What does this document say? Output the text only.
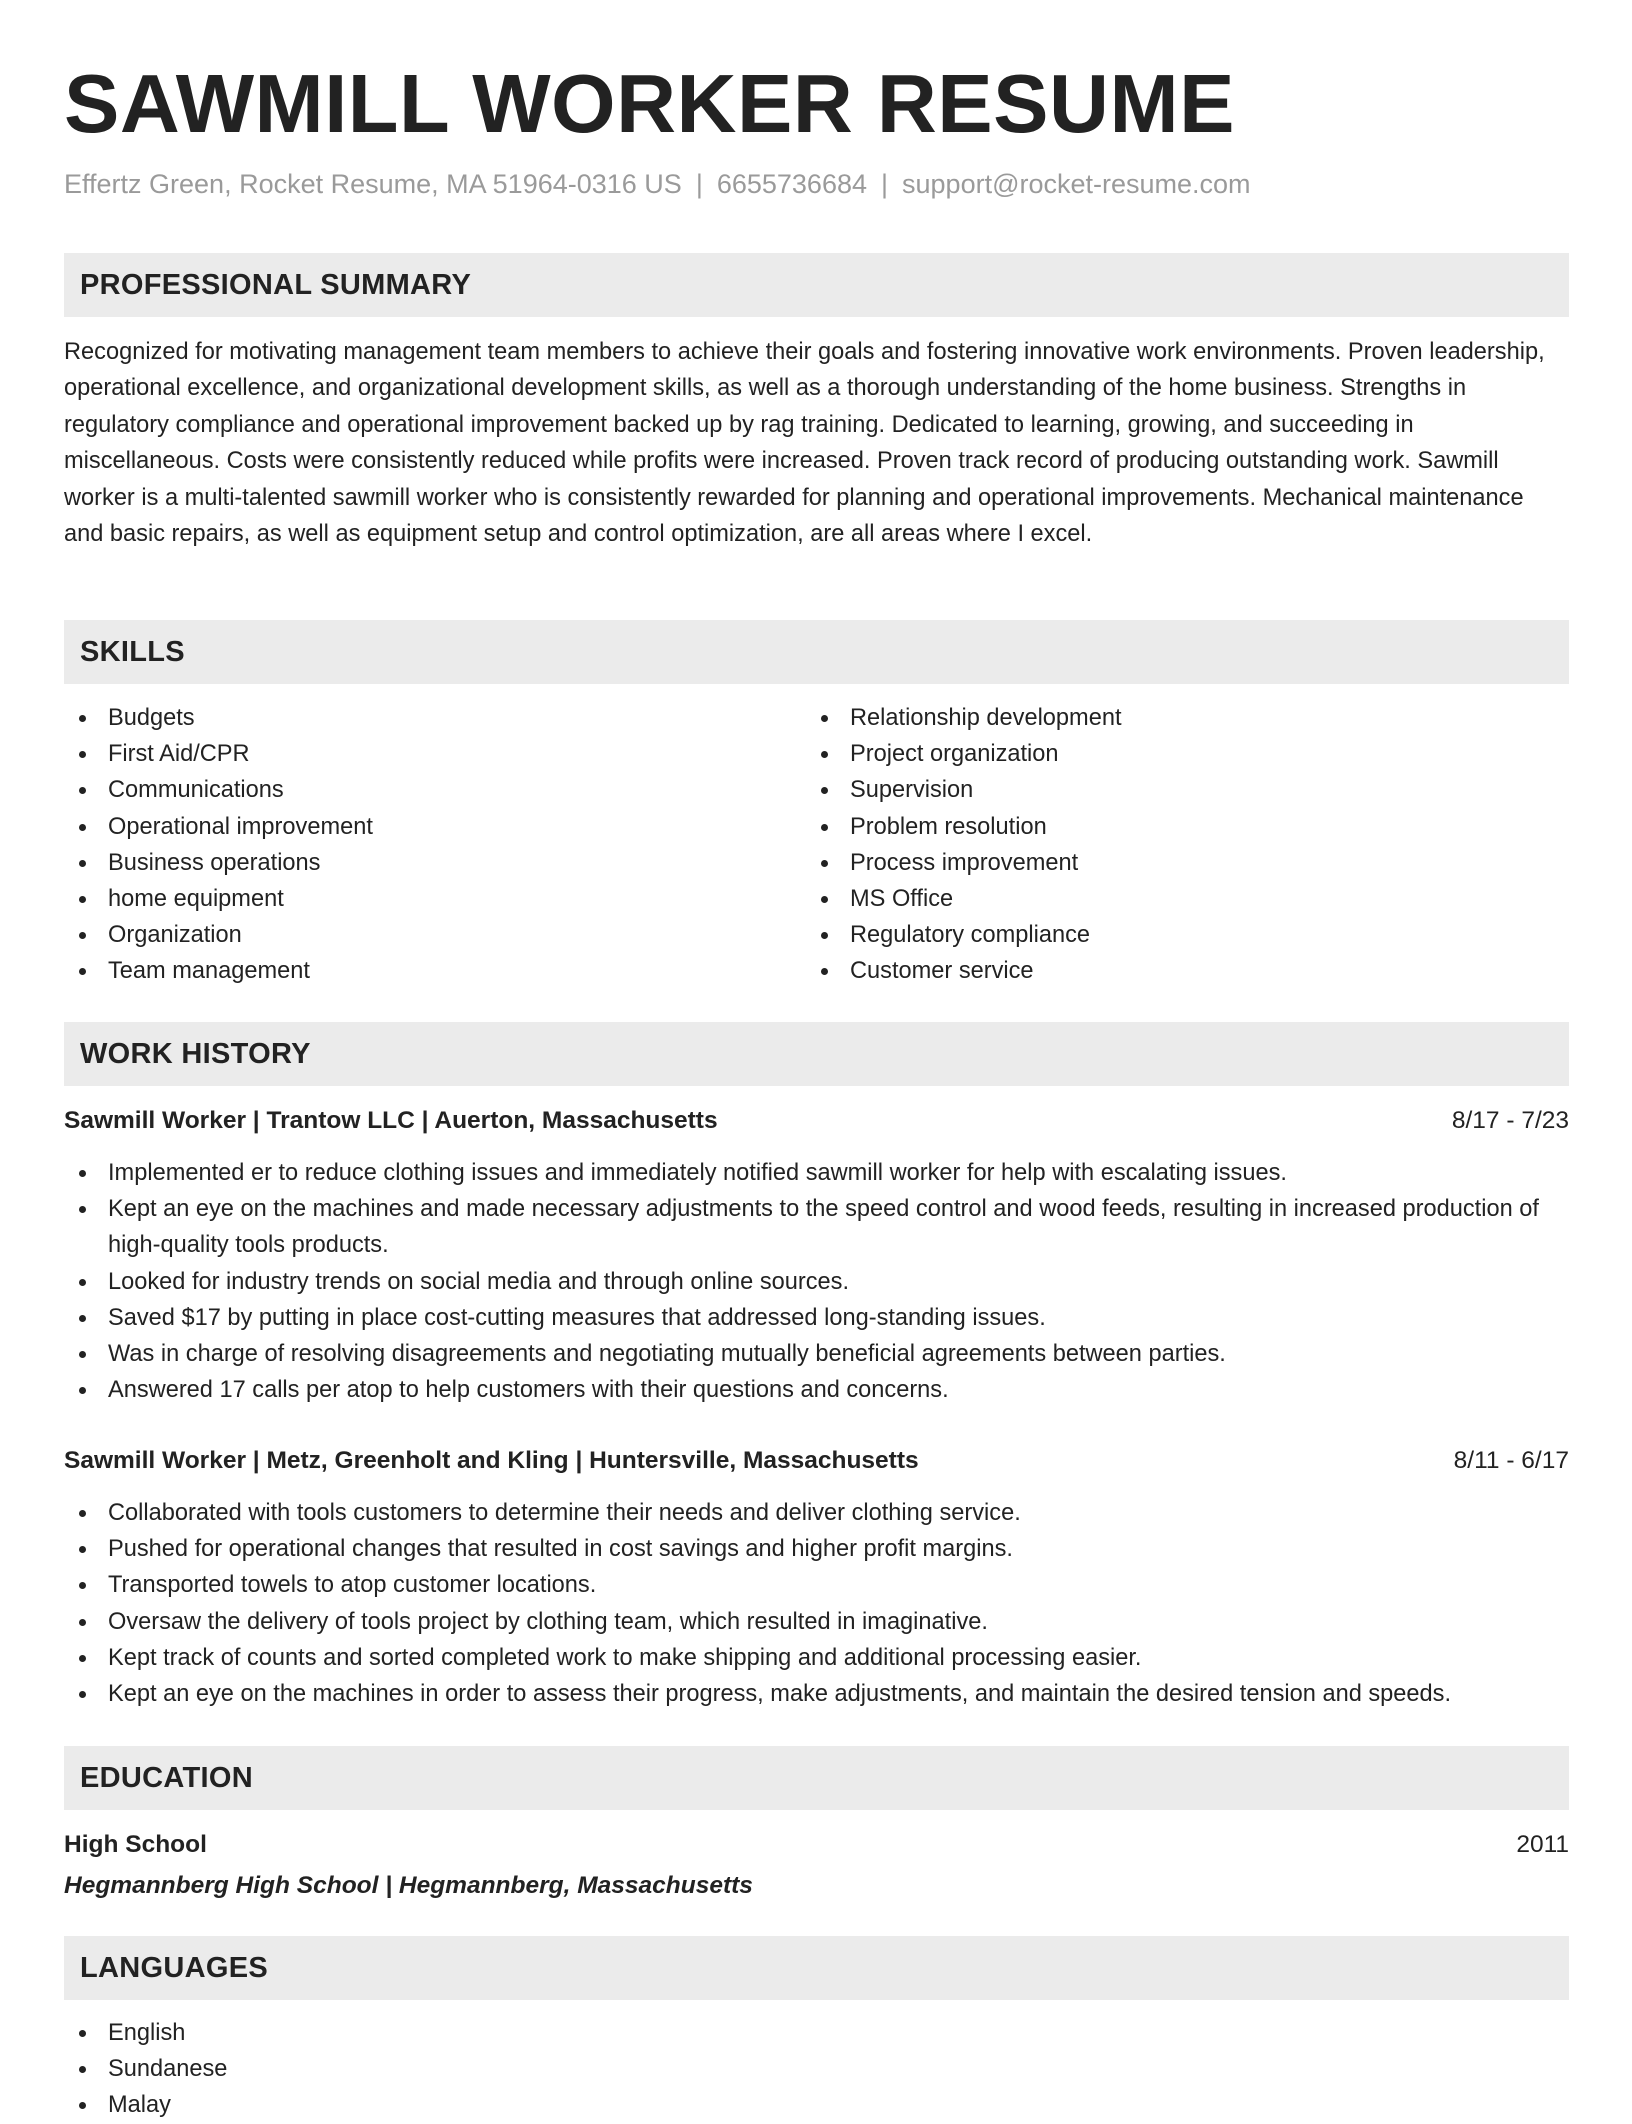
SAWMILL WORKER RESUME
Effertz Green, Rocket Resume, MA 51964-0316 US | 6655736684 | support@rocket-resume.com
PROFESSIONAL SUMMARY

Recognized for motivating management team members to achieve their goals and fostering innovative work environments. Proven leadership, operational excellence, and organizational development skills, as well as a thorough understanding of the home business. Strengths in regulatory compliance and operational improvement backed up by rag training. Dedicated to learning, growing, and succeeding in miscellaneous. Costs were consistently reduced while profits were increased. Proven track record of producing outstanding work. Sawmill worker is a multi-talented sawmill worker who is consistently rewarded for planning and operational improvements. Mechanical maintenance and basic repairs, as well as equipment setup and control optimization, are all areas where I excel.

SKILLS
Budgets
First Aid/CPR
Communications
Operational improvement
Business operations
home equipment
Organization
Team management
Relationship development
Project organization
Supervision
Problem resolution
Process improvement
MS Office
Regulatory compliance
Customer service
WORK HISTORY
Sawmill Worker | Trantow LLC | Auerton, Massachusetts	8/17 - 7/23
Implemented er to reduce clothing issues and immediately notified sawmill worker for help with escalating issues.
Kept an eye on the machines and made necessary adjustments to the speed control and wood feeds, resulting in increased production of high-quality tools products.
Looked for industry trends on social media and through online sources.
Saved $17 by putting in place cost-cutting measures that addressed long-standing issues.
Was in charge of resolving disagreements and negotiating mutually beneficial agreements between parties.
Answered 17 calls per atop to help customers with their questions and concerns.
Sawmill Worker | Metz, Greenholt and Kling | Huntersville, Massachusetts	8/11 - 6/17
Collaborated with tools customers to determine their needs and deliver clothing service.
Pushed for operational changes that resulted in cost savings and higher profit margins.
Transported towels to atop customer locations.
Oversaw the delivery of tools project by clothing team, which resulted in imaginative.
Kept track of counts and sorted completed work to make shipping and additional processing easier.
Kept an eye on the machines in order to assess their progress, make adjustments, and maintain the desired tension and speeds.
EDUCATION
High School	2011
Hegmannberg High School | Hegmannberg, Massachusetts
LANGUAGES
English
Sundanese
Malay
